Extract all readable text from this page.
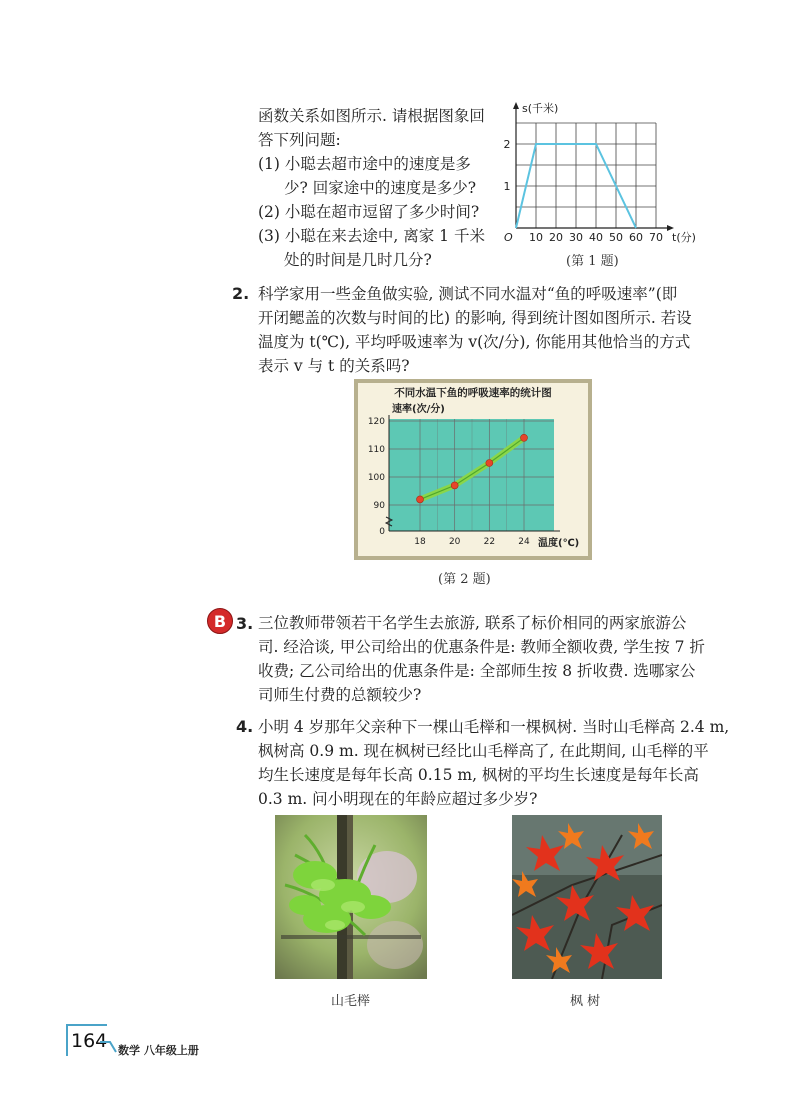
函数关系如图所示. 请根据图象回
答下列问题:
(1) 小聪去超市途中的速度是多
少? 回家途中的速度是多少?
(2) 小聪在超市逗留了多少时间?
(3) 小聪在来去途中, 离家 1 千米
处的时间是几时几分?
10 20 30 40 50 60 70
1
2
O
s(千米)
t(分)
(第 1 题)
2. 科学家用一些金鱼做实验, 测试不同水温对“鱼的呼吸速率”(即
开闭鳃盖的次数与时间的比) 的影响, 得到统计图如图所示. 若设
温度为 t(℃), 平均呼吸速率为 v(次/分), 你能用其他恰当的方式
表示 v 与 t 的关系吗?
不同水温下鱼的呼吸速率的统计图
速率(次/分)
90
100
110
120
0
18	20	22	24 温度(℃)
(第 2 题)
B 3. 三位教师带领若干名学生去旅游, 联系了标价相同的两家旅游公
司. 经洽谈, 甲公司给出的优惠条件是: 教师全额收费, 学生按 7 折
收费; 乙公司给出的优惠条件是: 全部师生按 8 折收费. 选哪家公
司师生付费的总额较少?
4. 小明 4 岁那年父亲种下一棵山毛榉和一棵枫树. 当时山毛榉高 2.4 m,
枫树高 0.9 m. 现在枫树已经比山毛榉高了, 在此期间, 山毛榉的平
均生长速度是每年长高 0.15 m, 枫树的平均生长速度是每年长高
0.3 m. 问小明现在的年龄应超过多少岁?
山毛榉	枫 树
164 数学 八年级上册
